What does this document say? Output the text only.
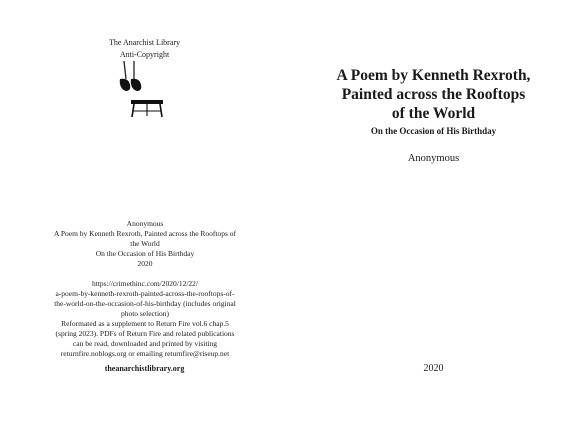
The Anarchist Library
Anti-Copyright
Anonymous
A Poem by Kenneth Rexroth, Painted across the Rooftops of
the World
On the Occasion of His Birthday
2020
https://crimethinc.com/2020/12/22/
a-poem-by-kenneth-rexroth-painted-across-the-rooftops-of-
the-world-on-the-occasion-of-his-birthday (includes original
photo selection)
Reformated as a supplement to Return Fire vol.6 chap.5
(spring 2023). PDFs of Return Fire and related publications
can be read, downloaded and printed by visiting
returnfire.noblogs.org or emailing returnfire@riseup.net
theanarchistlibrary.org
A Poem by Kenneth Rexroth,
Painted across the Rooftops
of the World
On the Occasion of His Birthday
Anonymous
2020
